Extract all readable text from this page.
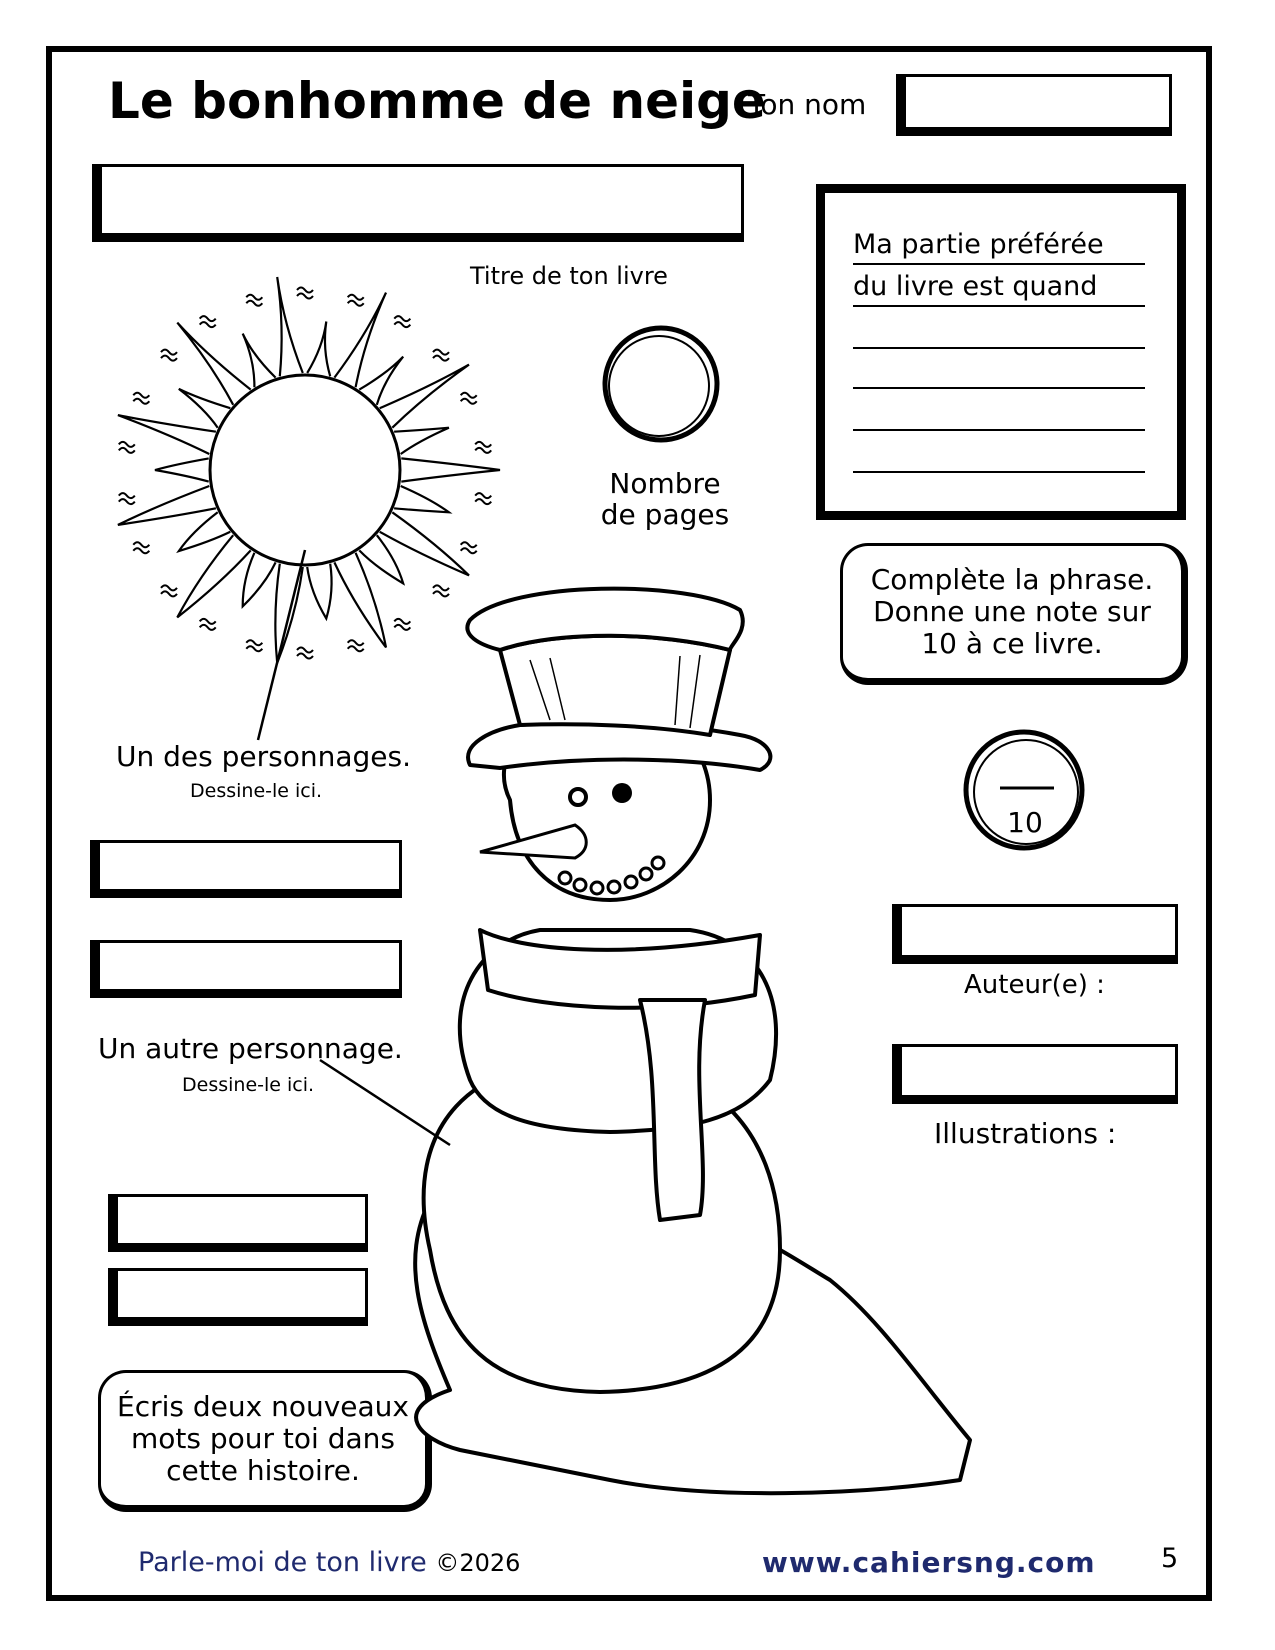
Le bonhomme de neige
Ton nom
Titre de ton livre
Ma partie préférée
du livre est quand
Nombre
de pages
Complète la phrase.
Donne une note sur
10 à ce livre.
10
Auteur(e) :
Illustrations :
Un des personnages.
Dessine-le ici.
Un autre personnage.
Dessine-le ici.
Écris deux nouveaux
mots pour toi dans
cette histoire.
Parle-moi de ton livre ©2026	www.cahiersng.com 5
